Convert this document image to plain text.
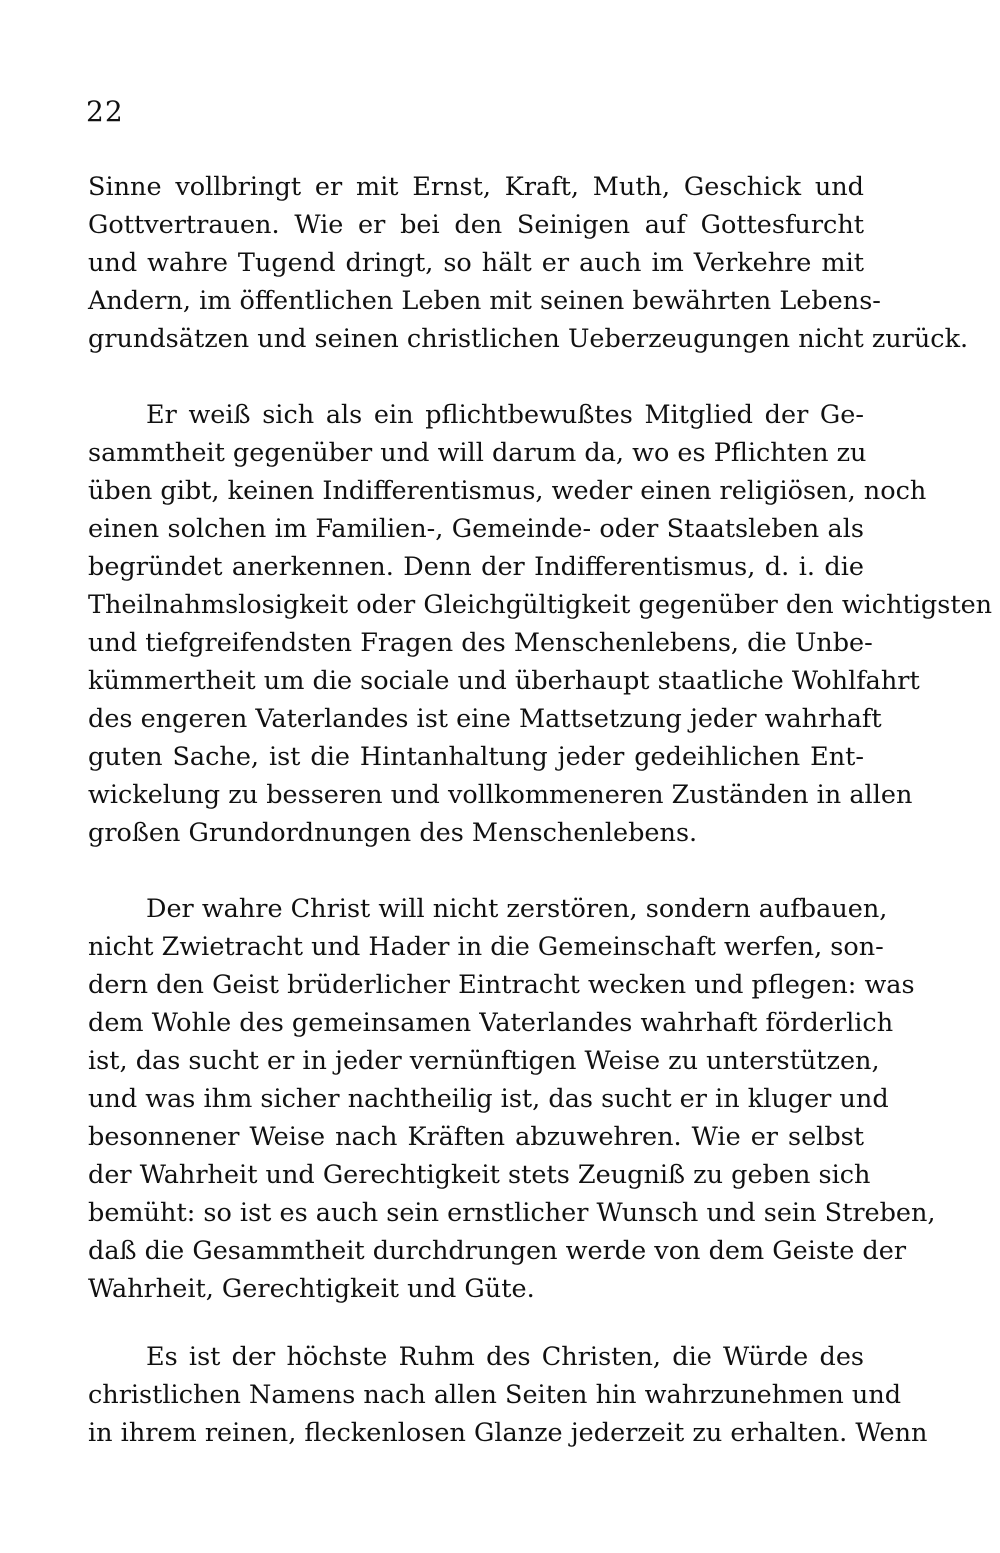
22
Sinne vollbringt er mit Ernst, Kraft, Muth, Geschick und
Gottvertrauen. Wie er bei den Seinigen auf Gottesfurcht
und wahre Tugend dringt, so hält er auch im Verkehre mit
Andern, im öffentlichen Leben mit seinen bewährten Lebens-
grundsätzen und seinen christlichen Ueberzeugungen nicht zurück.
Er weiß sich als ein pflichtbewußtes Mitglied der Ge-
sammtheit gegenüber und will darum da, wo es Pflichten zu
üben gibt, keinen Indifferentismus, weder einen religiösen, noch
einen solchen im Familien-, Gemeinde- oder Staatsleben als
begründet anerkennen. Denn der Indifferentismus, d. i. die
Theilnahmslosigkeit oder Gleichgültigkeit gegenüber den wichtigsten
und tiefgreifendsten Fragen des Menschenlebens, die Unbe-
kümmertheit um die sociale und überhaupt staatliche Wohlfahrt
des engeren Vaterlandes ist eine Mattsetzung jeder wahrhaft
guten Sache, ist die Hintanhaltung jeder gedeihlichen Ent-
wickelung zu besseren und vollkommeneren Zuständen in allen
großen Grundordnungen des Menschenlebens.
Der wahre Christ will nicht zerstören, sondern aufbauen,
nicht Zwietracht und Hader in die Gemeinschaft werfen, son-
dern den Geist brüderlicher Eintracht wecken und pflegen: was
dem Wohle des gemeinsamen Vaterlandes wahrhaft förderlich
ist, das sucht er in jeder vernünftigen Weise zu unterstützen,
und was ihm sicher nachtheilig ist, das sucht er in kluger und
besonnener Weise nach Kräften abzuwehren. Wie er selbst
der Wahrheit und Gerechtigkeit stets Zeugniß zu geben sich
bemüht: so ist es auch sein ernstlicher Wunsch und sein Streben,
daß die Gesammtheit durchdrungen werde von dem Geiste der
Wahrheit, Gerechtigkeit und Güte.
Es ist der höchste Ruhm des Christen, die Würde des
christlichen Namens nach allen Seiten hin wahrzunehmen und
in ihrem reinen, fleckenlosen Glanze jederzeit zu erhalten. Wenn
